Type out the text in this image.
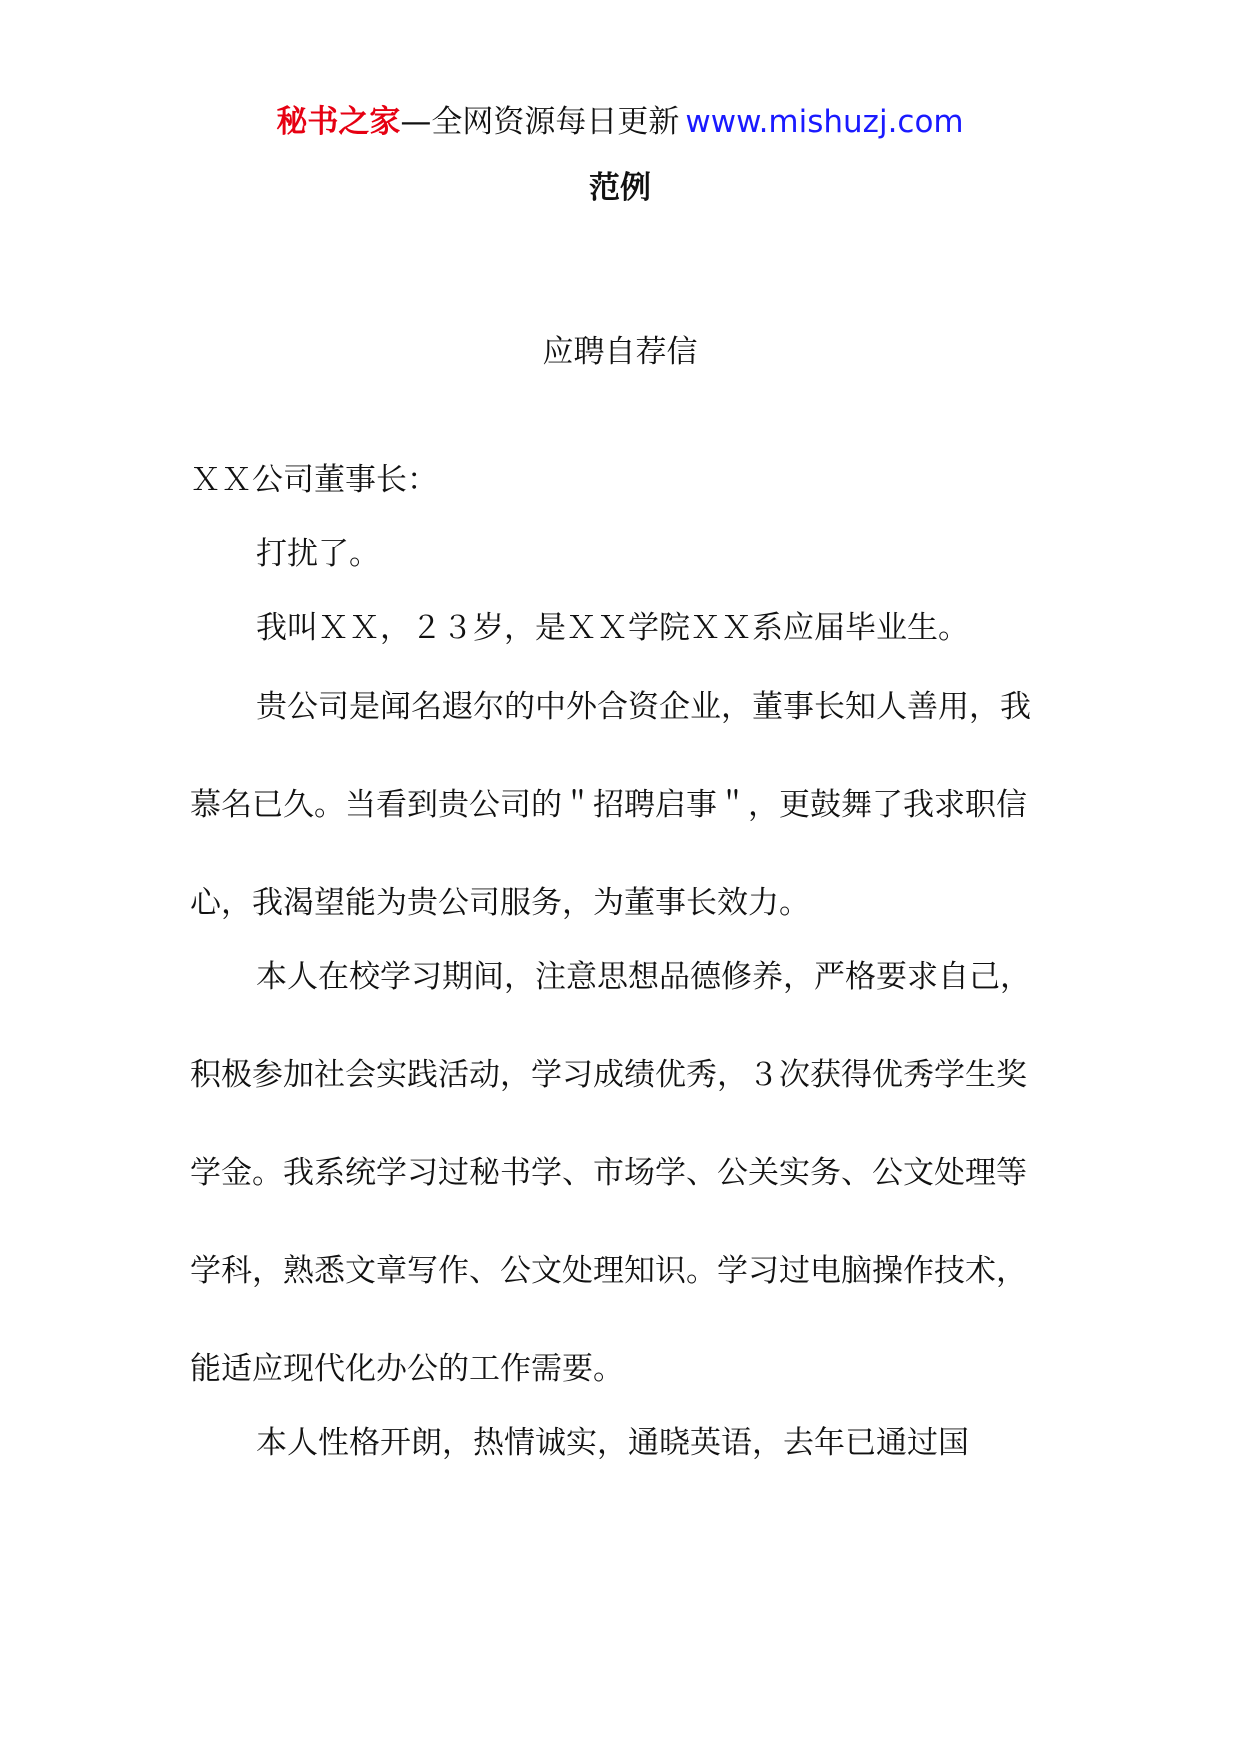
秘书之家—全网资源每日更新 www.mishuzj.com
范例
应聘自荐信
ＸＸ公司董事长：

打扰了。

我叫ＸＸ，２３岁，是ＸＸ学院ＸＸ系应届毕业生。

贵公司是闻名遐尔的中外合资企业，董事长知人善用，我慕名已久。当看到贵公司的＂招聘启事＂，更鼓舞了我求职信心，我渴望能为贵公司服务，为董事长效力。

本人在校学习期间，注意思想品德修养，严格要求自己，积极参加社会实践活动，学习成绩优秀，３次获得优秀学生奖学金。我系统学习过秘书学、市场学、公关实务、公文处理等学科，熟悉文章写作、公文处理知识。学习过电脑操作技术，能适应现代化办公的工作需要。

本人性格开朗，热情诚实，通晓英语，去年已通过国
